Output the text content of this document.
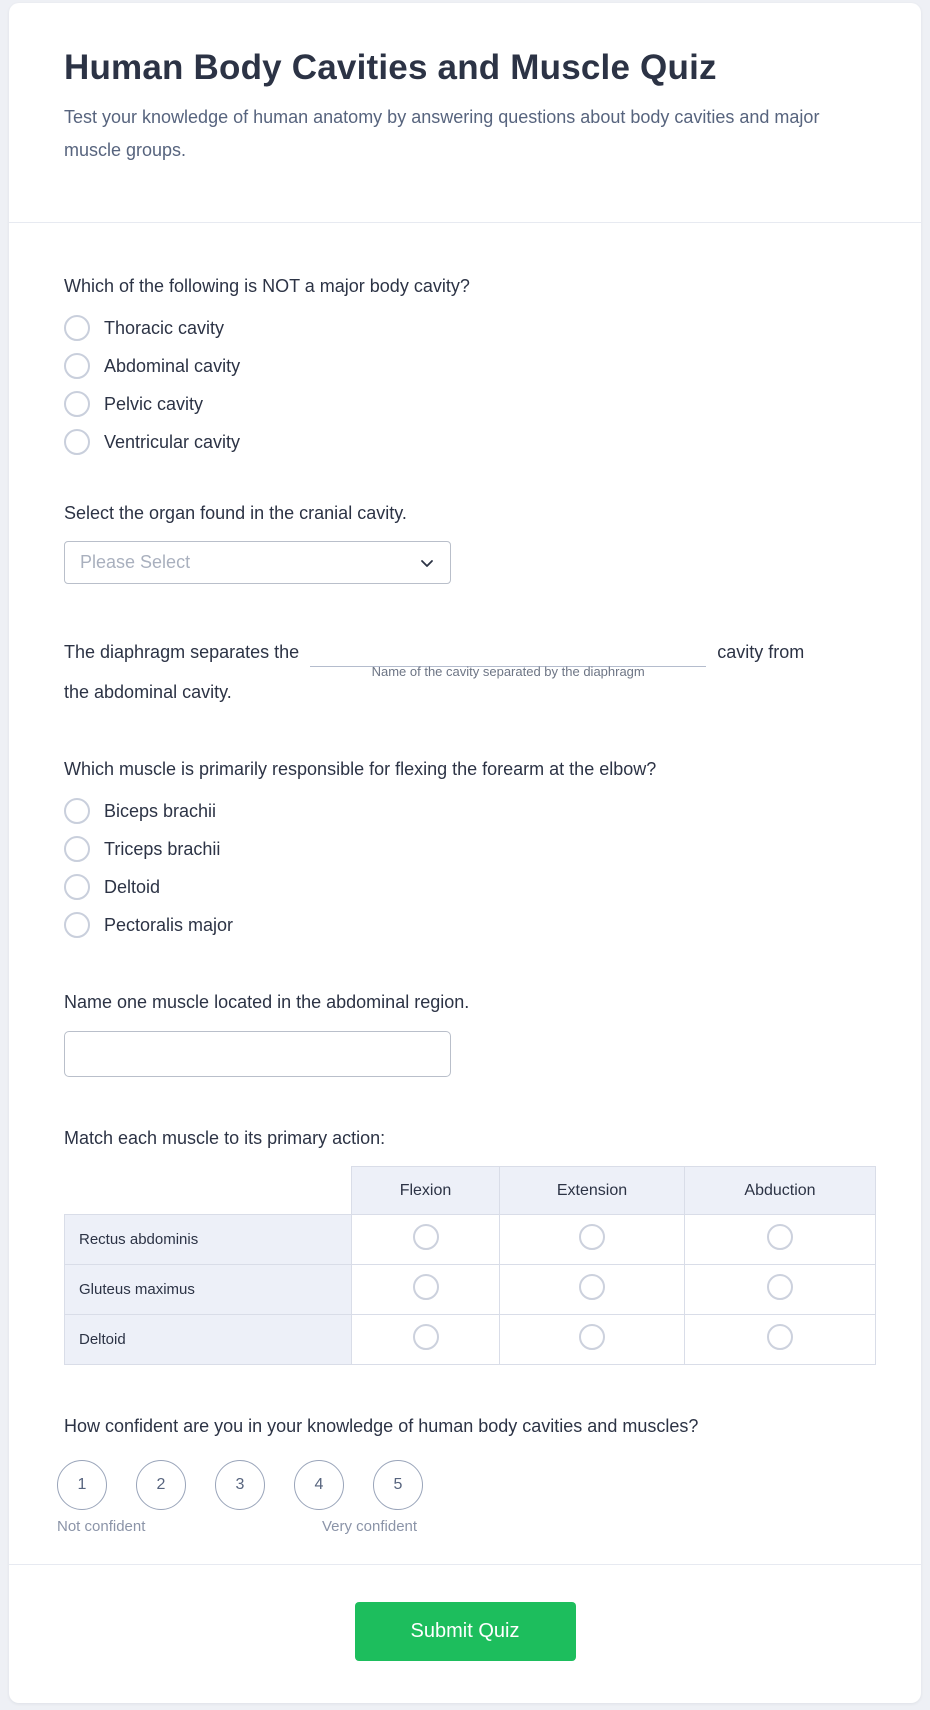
Human Body Cavities and Muscle Quiz

Test your knowledge of human anatomy by answering questions about body cavities and major muscle groups.

Which of the following is NOT a major body cavity?
Thoracic cavity
Abdominal cavity
Pelvic cavity
Ventricular cavity
Select the organ found in the cranial cavity.
Please Select
The diaphragm separates the
Name of the cavity separated by the diaphragm
cavity from
the abdominal cavity.
Which muscle is primarily responsible for flexing the forearm at the elbow?
Biceps brachii
Triceps brachii
Deltoid
Pectoralis major
Name one muscle located in the abdominal region.
Match each muscle to its primary action:
	Flexion	Extension	Abduction
Rectus abdominis			
Gluteus maximus			
Deltoid			
How confident are you in your knowledge of human body cavities and muscles?
1	2	3	4	5
Not confident	Very confident
Submit Quiz
